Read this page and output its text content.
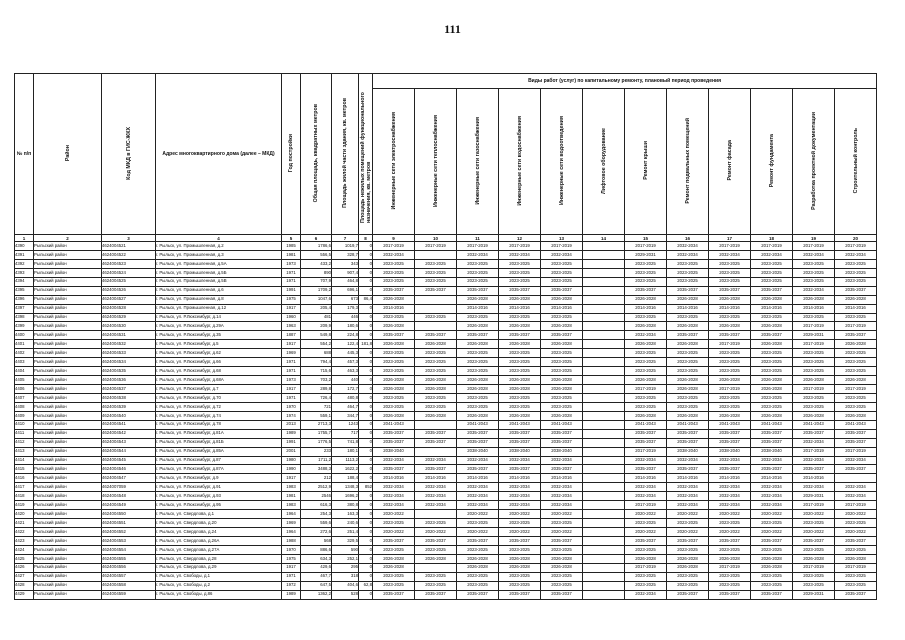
111
№ п/п	Район	Код МКД в ГИС-ЖКХ	Адрес многоквартирного дома (далее – МКД)	Год постройки	Общая площадь, квадратных метров	Площадь жилой части здания, кв. метров	Площадь нежилых помещений функционального назначения, кв. метров	Виды работ (услуг) по капитальному ремонту, плановый период проведения											
								Инженерные сети электроснабжения	Инженерные сети теплоснабжения	Инженерные сети газоснабжения	Инженерные сети водоснабжения	Инженерные сети водоотведения	Лифтовое оборудование	Ремонт крыши	Ремонт подвальных помещений	Ремонт фасада	Ремонт фундамента	Разработка проектной документации	Строительный контроль
1	2	3	4	5	6	7	8	9	10	11	12	13	14	15	16	17	18	19	20
4390	Рыльский район	4624004521	г. Рыльск, ул. Промышленная, д.2	1985	1786,6	1019,7	0	2017-2019	2017-2019	2017-2019	2017-2019	2017-2019		2017-2019	2032-2034	2017-2019	2017-2019	2017-2019	2017-2019
4391	Рыльский район	4624004522	г. Рыльск, ул. Промышленная, д.3	1981	556,5	328,7	0	2032-2034		2032-2034	2032-2034	2032-2034		2029-2031	2032-2034	2032-2034	2032-2034	2032-2034	2032-2034
4392	Рыльский район	4624004523	г. Рыльск, ул. Промышленная, д.5А	1973	433,2	343	0	2023-2025	2023-2025	2023-2025	2023-2025	2023-2025		2023-2025	2023-2025	2023-2025	2023-2025	2023-2025	2023-2025
4393	Рыльский район	4624004524	г. Рыльск, ул. Промышленная, д.5Б	1971	890	907,4	0	2023-2025	2023-2025	2023-2025	2023-2025	2023-2025		2023-2025	2023-2025	2023-2025	2023-2025	2023-2025	2023-2025
4394	Рыльский район	4624004525	г. Рыльск, ул. Промышленная, д.5В	1971	707,9	464,8	0	2023-2025	2023-2025	2023-2025	2023-2025	2023-2025		2023-2025	2023-2025	2023-2025	2023-2025	2023-2025	2023-2025
4395	Рыльский район	4624004526	г. Рыльск, ул. Промышленная, д.6	1991	1709,2	696,1	0	2035-2037	2035-2037	2035-2037	2035-2037	2035-2037		2035-2037	2035-2037	2035-2037	2035-2037	2032-2034	2035-2037
4396	Рыльский район	4624004527	г. Рыльск, ул. Промышленная, д.8	1975	1047,6	673	86,4	2026-2028		2026-2028	2026-2028	2026-2028		2026-2028	2026-2028	2026-2028	2026-2028	2026-2028	2026-2028
4397	Рыльский район	4624004528	г. Рыльск, ул. Промышленная, д.12	1917	205,4	179,3	0	2014-2016		2014-2016	2014-2016	2014-2016		2014-2016	2014-2016	2014-2016	2014-2016	2014-2016	2014-2016
4398	Рыльский район	4624004529	г. Рыльск, ул. Р.Люксембург, д.14	1960	481	446	0	2023-2025	2023-2025	2023-2025	2023-2025	2023-2025		2023-2025	2023-2025	2023-2025	2023-2025	2023-2025	2023-2025
4399	Рыльский район	4624004530	г. Рыльск, ул. Р.Люксембург, д.29А	1963	209,9	180,6	0	2026-2028		2026-2028	2026-2028	2026-2028		2026-2028	2026-2028	2026-2028	2026-2028	2017-2019	2017-2019
4400	Рыльский район	4624004531	г. Рыльск, ул. Р.Люксембург, д.35	1887	549,8	224,8	0	2035-2037	2035-2037	2035-2037	2035-2037	2035-2037		2032-2034	2035-2037	2035-2037	2035-2037	2029-2031	2035-2037
4401	Рыльский район	4624004532	г. Рыльск, ул. Р.Люксембург, д.5	1917	554,2	122,4	181,8	2026-2028	2026-2028	2026-2028	2026-2028	2026-2028		2026-2028	2026-2028	2017-2019	2026-2028	2017-2019	2026-2028
4402	Рыльский район	4624004533	г. Рыльск, ул. Р.Люксембург, д.62	1969	688	445,3	0	2023-2025	2023-2025	2023-2025	2023-2025	2023-2025		2023-2025	2023-2025	2023-2025	2023-2025	2023-2025	2023-2025
4403	Рыльский район	4624004534	г. Рыльск, ул. Р.Люксембург, д.66	1971	794,4	457,3	0	2023-2025	2023-2025	2023-2025	2023-2025	2023-2025		2023-2025	2023-2025	2023-2025	2023-2025	2023-2025	2023-2025
4404	Рыльский район	4624004535	г. Рыльск, ул. Р.Люксембург, д.68	1971	715,6	463,3	0	2023-2025	2023-2025	2023-2025	2023-2025	2023-2025		2023-2025	2023-2025	2023-2025	2023-2025	2023-2025	2023-2025
4405	Рыльский район	4624004536	г. Рыльск, ул. Р.Люксембург, д.68А	1973	703,2	440	0	2026-2028	2026-2028	2026-2028	2026-2028	2026-2028		2026-2028	2026-2028	2026-2028	2026-2028	2026-2028	2026-2028
4406	Рыльский район	4624004537	г. Рыльск, ул. Р.Люксембург, д.7	1917	289,8	172,7	0	2026-2028	2026-2028	2026-2028	2026-2028	2026-2028		2017-2019	2026-2028	2017-2019	2026-2028	2017-2019	2017-2019
4407	Рыльский район	4624004538	г. Рыльск, ул. Р.Люксембург, д.70	1971	726,4	480,8	0	2023-2025	2023-2025	2023-2025	2023-2025	2023-2025		2023-2025	2023-2025	2023-2025	2023-2025	2023-2025	2023-2025
4408	Рыльский район	4624004539	г. Рыльск, ул. Р.Люксембург, д.72	1970	721	464,7	0	2023-2025	2023-2025	2023-2025	2023-2025	2023-2025		2023-2025	2023-2025	2023-2025	2023-2025	2023-2025	2023-2025
4409	Рыльский район	4624004540	г. Рыльск, ул. Р.Люксембург, д.74	1974	559,1	344,7	0	2026-2028	2026-2028	2026-2028	2026-2028	2026-2028		2026-2028	2026-2028	2026-2028	2026-2028	2026-2028	2026-2028
4410	Рыльский район	4624004541	г. Рыльск, ул. Р.Люксембург, д.78	2013	2713,3	1243	0	2041-2043		2041-2043	2041-2043	2041-2043		2041-2043	2041-2043	2041-2043	2041-2043	2041-2043	2041-2043
4411	Рыльский район	4624004542	г. Рыльск, ул. Р.Люксембург, д.81А	1989	1755,7	717	0	2035-2037	2035-2037	2035-2037	2035-2037	2035-2037		2035-2037	2035-2037	2035-2037	2035-2037	2035-2037	2035-2037
4412	Рыльский район	4624004543	г. Рыльск, ул. Р.Люксембург, д.81Б	1991	1776,5	741,8	0	2035-2037	2035-2037	2035-2037	2035-2037	2035-2037		2035-2037	2035-2037	2035-2037	2035-2037	2032-2034	2035-2037
4413	Рыльский район	4624004544	г. Рыльск, ул. Р.Люксембург, д.85А	2001	233	180,1	0	2038-2040		2038-2040	2038-2040	2038-2040		2017-2019	2038-2040	2038-2040	2038-2040	2017-2019	2017-2019
4414	Рыльский район	4624004545	г. Рыльск, ул. Р.Люксембург, д.87	1980	1711,2	1113,2	0	2032-2034	2032-2034	2032-2034	2032-2034	2032-2034		2032-2034	2032-2034	2032-2034	2032-2034	2032-2034	2032-2034
4415	Рыльский район	4624004546	г. Рыльск, ул. Р.Люксембург, д.87А	1990	3488,3	1622,2	0	2035-2037	2035-2037	2035-2037	2035-2037	2035-2037		2035-2037	2035-2037	2035-2037	2035-2037	2035-2037	2035-2037
4416	Рыльский район	4624004547	г. Рыльск, ул. Р.Люксембург, д.9	1917	212	188,4	0	2014-2016	2014-2016	2014-2016	2014-2016	2014-2016		2014-2016	2014-2016	2014-2016	2014-2016	2014-2016	
4417	Рыльский район	4624007059	г. Рыльск, ул. Р.Люксембург, д.91	1983	2512,9	1348,3	852	2032-2034	2032-2034	2032-2034	2032-2034	2032-2034		2032-2034	2032-2034	2032-2034	2032-2034	2032-2034	2032-2034
4418	Рыльский район	4624004548	г. Рыльск, ул. Р.Люксембург, д.93	1981	2546	1696,2	0	2032-2034	2032-2034	2032-2034	2032-2034	2032-2034		2032-2034	2032-2034	2032-2034	2032-2034	2029-2031	2032-2034
4419	Рыльский район	4624004549	г. Рыльск, ул. Р.Люксембург, д.95	1983	616,3	380,8	0	2032-2034	2032-2034	2032-2034	2032-2034	2032-2034		2017-2019	2032-2034	2032-2034	2032-2034	2017-2019	2017-2019
4420	Рыльский район	4624004550	г. Рыльск, ул. Свердлова, д.1	1964	254,3	163,3	0	2020-2022		2020-2022	2020-2022	2020-2022		2020-2022	2020-2022	2020-2022	2020-2022	2020-2022	2020-2022
4421	Рыльский район	4624004551	г. Рыльск, ул. Свердлова, д.20	1969	559,6	240,6	0	2023-2025	2023-2025	2023-2025	2023-2025	2023-2025		2023-2025	2023-2025	2023-2025	2023-2025	2023-2025	2023-2025
4422	Рыльский район	4624004552	г. Рыльск, ул. Свердлова, д.24	1964	272,6	251,4	0	2020-2022	2020-2022	2020-2022	2020-2022	2020-2022		2020-2022	2020-2022	2020-2022	2020-2022	2020-2022	2020-2022
4423	Рыльский район	4624004553	г. Рыльск, ул. Свердлова, д.26А	1988	568	329,5	0	2035-2037	2035-2037	2035-2037	2035-2037	2035-2037		2035-2037	2035-2037	2035-2037	2035-2037	2035-2037	2035-2037
4424	Рыльский район	4624004554	г. Рыльск, ул. Свердлова, д.27А	1970	886,6	590	0	2023-2025	2023-2025	2023-2025	2023-2025	2023-2025		2023-2025	2023-2025	2023-2025	2023-2025	2023-2025	2023-2025
4425	Рыльский район	4624004555	г. Рыльск, ул. Свердлова, д.28	1975	634,3	252,1	0	2026-2028	2026-2028	2026-2028	2026-2028	2026-2028		2026-2028	2026-2028	2026-2028	2026-2028	2026-2028	2026-2028
4426	Рыльский район	4624004556	г. Рыльск, ул. Свердлова, д.29	1917	429,6	295	0	2026-2028		2026-2028	2026-2028	2026-2028		2017-2019	2026-2028	2017-2019	2026-2028	2017-2019	2017-2019
4427	Рыльский район	4624004557	г. Рыльск, ул. Свободы, д.1	1971	467,7	318	0	2023-2025	2023-2025	2023-2025	2023-2025	2023-2025		2023-2025	2023-2025	2023-2025	2023-2025	2023-2025	2023-2025
4428	Рыльский район	4624004558	г. Рыльск, ул. Свободы, д.2	1972	647,5	404,6	62,8	2023-2025	2023-2025	2023-2025	2023-2025	2023-2025		2023-2025	2023-2025	2023-2025	2023-2025	2023-2025	2023-2025
4429	Рыльский район	4624004559	г. Рыльск, ул. Свободы, д.86	1989	1362,2	528	0	2035-2037	2035-2037	2035-2037	2035-2037	2035-2037		2032-2034	2035-2037	2035-2037	2035-2037	2029-2031	2035-2037
